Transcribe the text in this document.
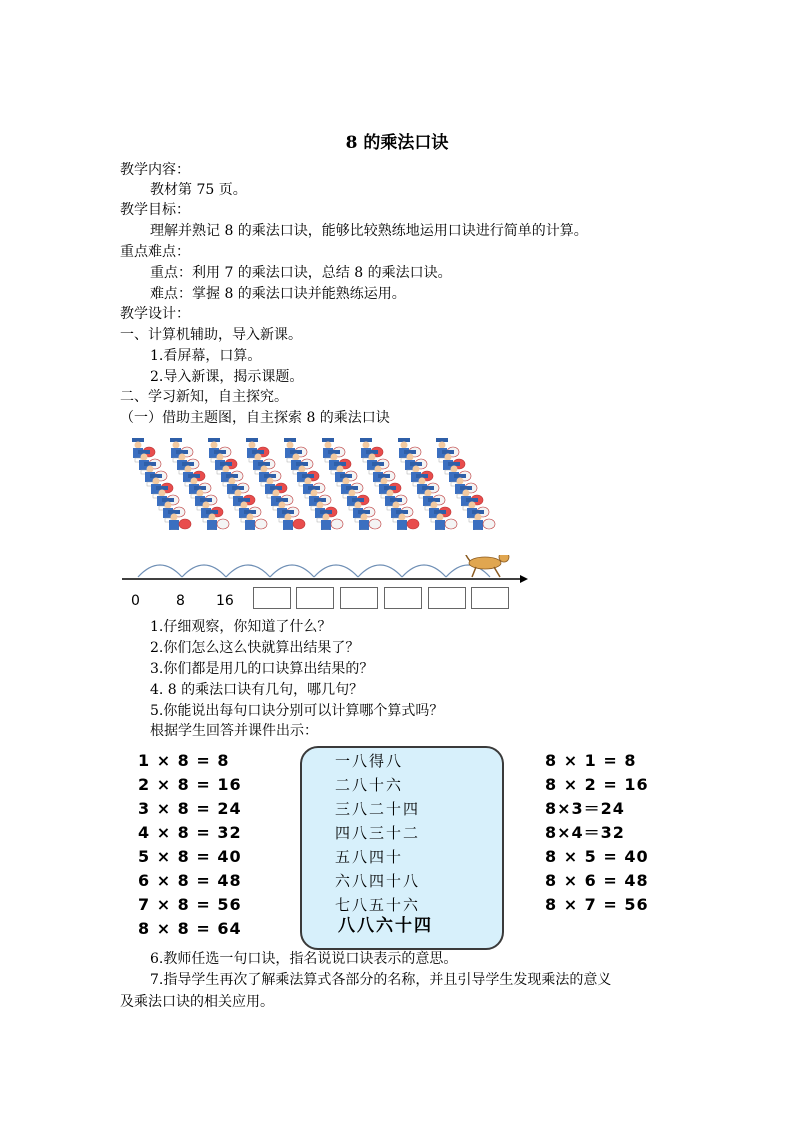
8 的乘法口诀
教学内容：
教材第 75 页。
教学目标：
理解并熟记 8 的乘法口诀，能够比较熟练地运用口诀进行简单的计算。
重点难点：
重点：利用 7 的乘法口诀，总结 8 的乘法口诀。
难点：掌握 8 的乘法口诀并能熟练运用。
教学设计：
一、计算机辅助，导入新课。
1.看屏幕，口算。
2.导入新课，揭示课题。
二、学习新知，自主探究。
（一）借助主题图，自主探索 8 的乘法口诀
0	8 16
1.仔细观察，你知道了什么？
2.你们怎么这么快就算出结果了？
3.你们都是用几的口诀算出结果的？
4. 8 的乘法口诀有几句，哪几句？
5.你能说出每句口诀分别可以计算哪个算式吗？
根据学生回答并课件出示：
1 × 8 = 8
2 × 8 = 16
3 × 8 = 24
4 × 8 = 32
5 × 8 = 40
6 × 8 = 48
7 × 8 = 56
8 × 8 = 64
一八得八
二八十六
三八二十四
四八三十二
五八四十
六八四十八
七八五十六
八八六十四
8 × 1 = 8
8 × 2 = 16
8×3＝24
8×4＝32
8 × 5 = 40
8 × 6 = 48
8 × 7 = 56
6.教师任选一句口诀，指名说说口诀表示的意思。
7.指导学生再次了解乘法算式各部分的名称，并且引导学生发现乘法的意义
及乘法口诀的相关应用。
